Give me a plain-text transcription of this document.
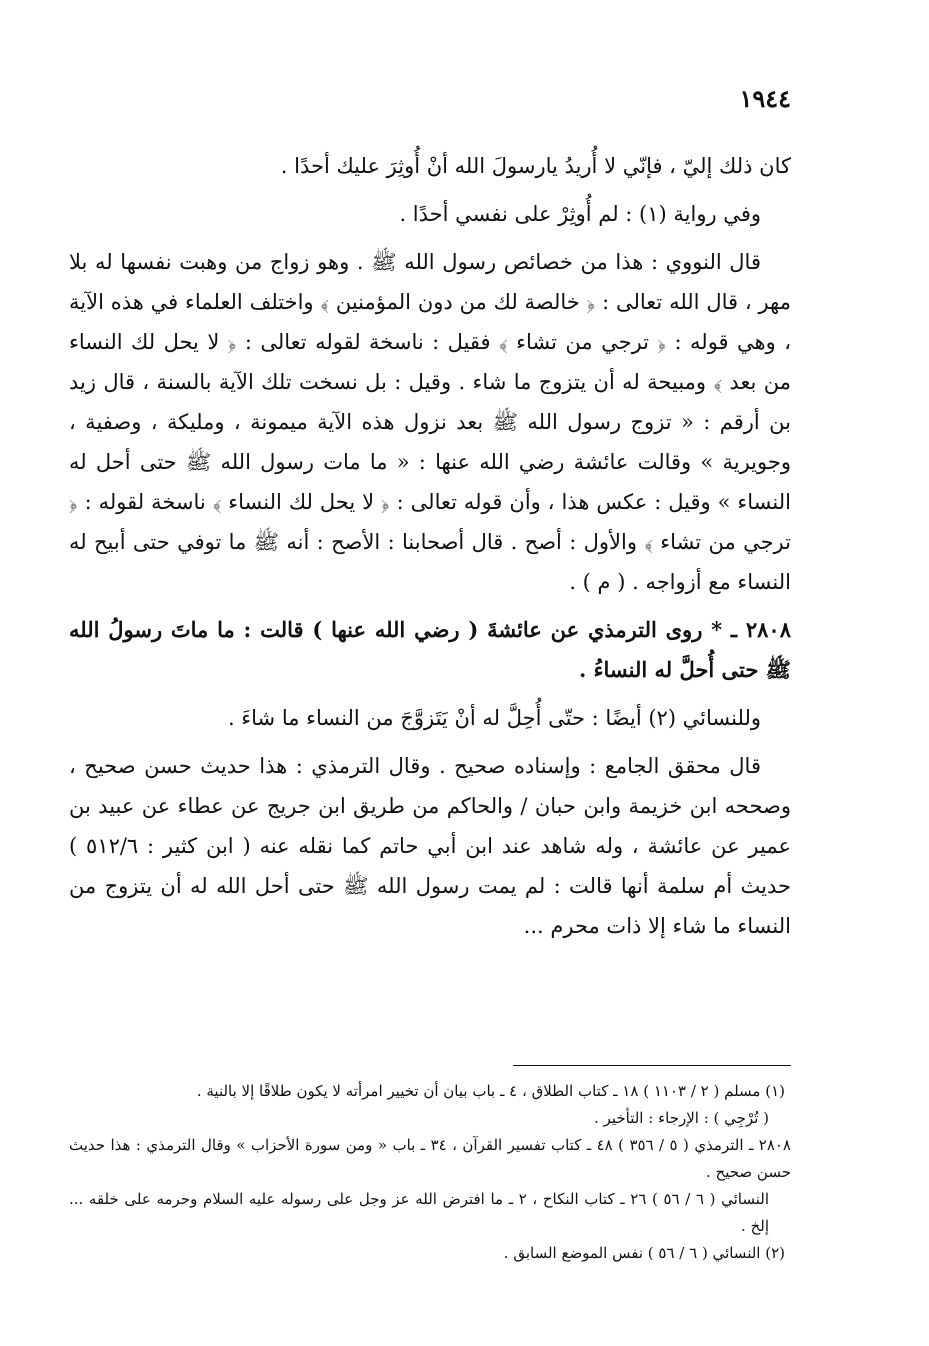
١٩٤٤

كان ذلك إليّ ، فإنّي لا أُريدُ يارسولَ الله أنْ أُوثِرَ عليك أحدًا .

وفي رواية (١) : لم أُوثِرْ على نفسي أحدًا .

قال النووي : هذا من خصائص رسول الله ﷺ . وهو زواج من وهبت نفسها له بلا مهر ، قال الله تعالى : ﴿ خالصة لك من دون المؤمنين ﴾ واختلف العلماء في هذه الآية ، وهي قوله : ﴿ ترجي من تشاء ﴾ فقيل : ناسخة لقوله تعالى : ﴿ لا يحل لك النساء من بعد ﴾ ومبيحة له أن يتزوج ما شاء . وقيل : بل نسخت تلك الآية بالسنة ، قال زيد بن أرقم : « تزوج رسول الله ﷺ بعد نزول هذه الآية ميمونة ، ومليكة ، وصفية ، وجويرية » وقالت عائشة رضي الله عنها : « ما مات رسول الله ﷺ حتى أحل له النساء » وقيل : عكس هذا ، وأن قوله تعالى : ﴿ لا يحل لك النساء ﴾ ناسخة لقوله : ﴿ ترجي من تشاء ﴾ والأول : أصح . قال أصحابنا : الأصح : أنه ﷺ ما توفي حتى أبيح له النساء مع أزواجه . ( م ) .

٢٨٠٨ ـ * روى الترمذي عن عائشةَ ( رضي الله عنها ) قالت : ما ماتَ رسولُ الله ﷺ حتى أُحلَّ له النساءُ .

وللنسائي (٢) أيضًا : حتّى أُحِلَّ له أنْ يَتَزوَّجَ من النساء ما شاءَ .

قال محقق الجامع : وإسناده صحيح . وقال الترمذي : هذا حديث حسن صحيح ، وصححه ابن خزيمة وابن حبان / والحاكم من طريق ابن جريج عن عطاء عن عبيد بن عمير عن عائشة ، وله شاهد عند ابن أبي حاتم كما نقله عنه ( ابن كثير : ٥١٢/٦ ) حديث أم سلمة أنها قالت : لم يمت رسول الله ﷺ حتى أحل الله له أن يتزوج من النساء ما شاء إلا ذات محرم ...

(١) مسلم ( ٢ / ١١٠٣ ) ١٨ ـ كتاب الطلاق ، ٤ ـ باب بيان أن تخيير امرأته لا يكون طلاقًا إلا بالنية .

( تُرْجِي ) : الإرجاء : التأخير .

٢٨٠٨ ـ الترمذي ( ٥ / ٣٥٦ ) ٤٨ ـ كتاب تفسير القرآن ، ٣٤ ـ باب « ومن سورة الأحزاب » وقال الترمذي : هذا حديث حسن صحيح .

النسائي ( ٦ / ٥٦ ) ٢٦ ـ كتاب النكاح ، ٢ ـ ما افترض الله عز وجل على رسوله عليه السلام وحرمه على خلقه ... إلخ .

(٢) النسائي ( ٦ / ٥٦ ) نفس الموضع السابق .
